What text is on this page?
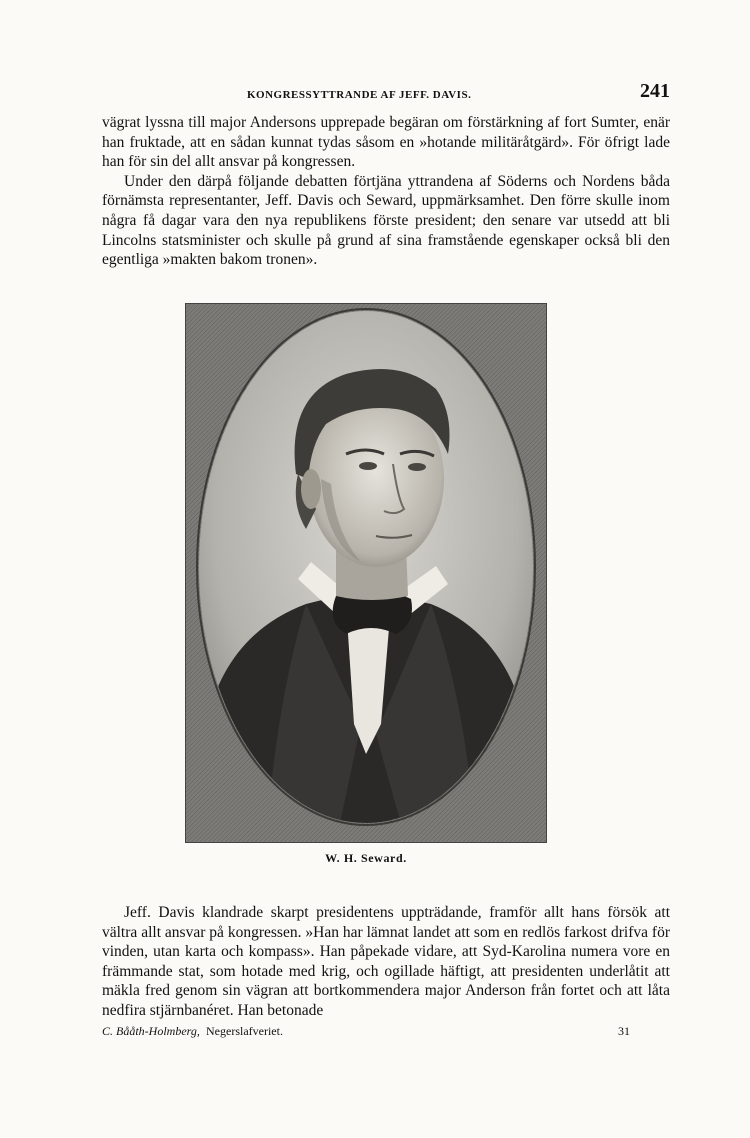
KONGRESSYTTRANDE AF JEFF. DAVIS.	241

vägrat lyssna till major Andersons upprepade begäran om förstärkning af fort Sumter, enär han fruktade, att en sådan kunnat tydas såsom en »hotande militäråtgärd». För öfrigt lade han för sin del allt ansvar på kongressen.

Under den därpå följande debatten förtjäna yttrandena af Söderns och Nordens båda förnämsta representanter, Jeff. Davis och Seward, uppmärksamhet. Den förre skulle inom några få dagar vara den nya republikens förste president; den senare var utsedd att bli Lincolns statsminister och skulle på grund af sina framstående egenskaper också bli den egentliga »makten bakom tronen».

W. H. Seward.

Jeff. Davis klandrade skarpt presidentens uppträdande, framför allt hans försök att vältra allt ansvar på kongressen. »Han har lämnat landet att som en redlös farkost drifva för vinden, utan karta och kompass». Han påpekade vidare, att Syd-Karolina numera vore en främmande stat, som hotade med krig, och ogillade häftigt, att presidenten underlåtit att mäkla fred genom sin vägran att bortkommendera major Anderson från fortet och att låta nedfira stjärnbanéret. Han betonade

C. Bååth-Holmberg, Negerslafveriet.	31
